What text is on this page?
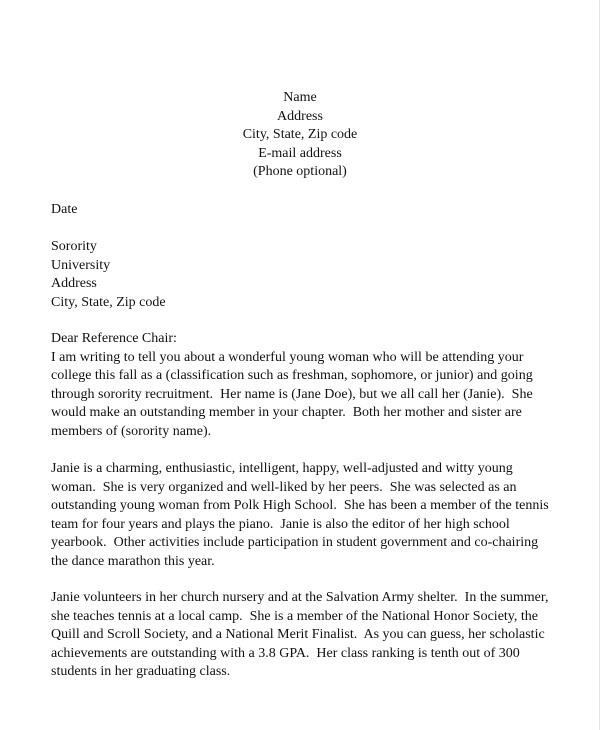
Name
Address
City, State, Zip code
E-mail address
(Phone optional)
Date
Sorority
University
Address
City, State, Zip code
Dear Reference Chair:
I am writing to tell you about a wonderful young woman who will be attending your
college this fall as a (classification such as freshman, sophomore, or junior) and going
through sorority recruitment.  Her name is (Jane Doe), but we all call her (Janie).  She
would make an outstanding member in your chapter.  Both her mother and sister are
members of (sorority name).
Janie is a charming, enthusiastic, intelligent, happy, well-adjusted and witty young
woman.  She is very organized and well-liked by her peers.  She was selected as an
outstanding young woman from Polk High School.  She has been a member of the tennis
team for four years and plays the piano.  Janie is also the editor of her high school
yearbook.  Other activities include participation in student government and co-chairing
the dance marathon this year.
Janie volunteers in her church nursery and at the Salvation Army shelter.  In the summer,
she teaches tennis at a local camp.  She is a member of the National Honor Society, the
Quill and Scroll Society, and a National Merit Finalist.  As you can guess, her scholastic
achievements are outstanding with a 3.8 GPA.  Her class ranking is tenth out of 300
students in her graduating class.
